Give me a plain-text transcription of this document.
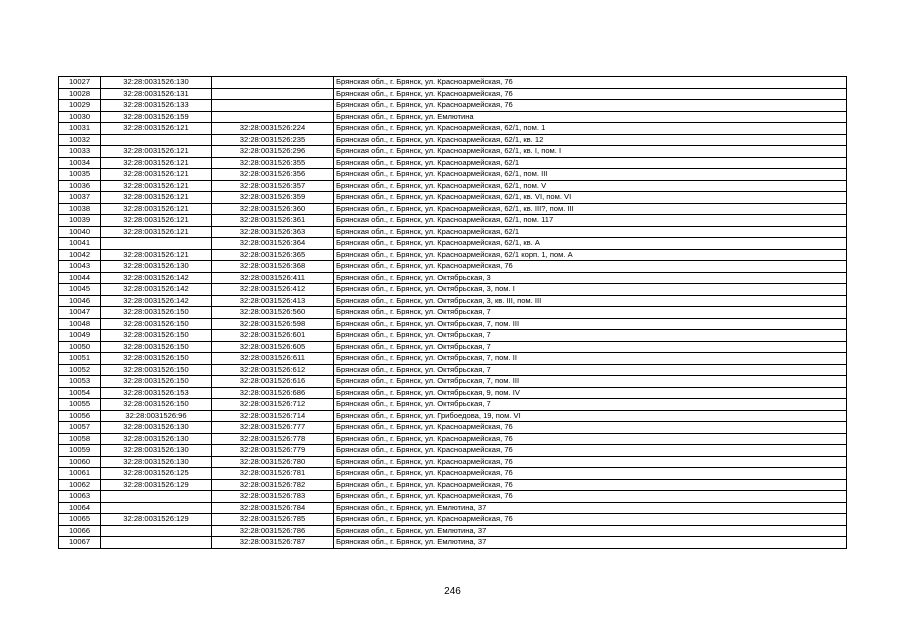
10027	32:28:0031526:130		Брянская обл., г. Брянск, ул. Красноармейская, 76
10028	32:28:0031526:131		Брянская обл., г. Брянск, ул. Красноармейская, 76
10029	32:28:0031526:133		Брянская обл., г. Брянск, ул. Красноармейская, 76
10030	32:28:0031526:159		Брянская обл., г. Брянск, ул. Емлютина
10031	32:28:0031526:121	32:28:0031526:224	Брянская обл., г. Брянск, ул. Красноармейская, 62/1, пом. 1
10032		32:28:0031526:235	Брянская обл., г. Брянск, ул. Красноармейская, 62/1, кв. 12
10033	32:28:0031526:121	32:28:0031526:296	Брянская обл., г. Брянск, ул. Красноармейская, 62/1, кв. I, пом. I
10034	32:28:0031526:121	32:28:0031526:355	Брянская обл., г. Брянск, ул. Красноармейская, 62/1
10035	32:28:0031526:121	32:28:0031526:356	Брянская обл., г. Брянск, ул. Красноармейская, 62/1, пом. III
10036	32:28:0031526:121	32:28:0031526:357	Брянская обл., г. Брянск, ул. Красноармейская, 62/1, пом. V
10037	32:28:0031526:121	32:28:0031526:359	Брянская обл., г. Брянск, ул. Красноармейская, 62/1, кв. VI, пом. VI
10038	32:28:0031526:121	32:28:0031526:360	Брянская обл., г. Брянск, ул. Красноармейская, 62/1, кв. III?, пом. III
10039	32:28:0031526:121	32:28:0031526:361	Брянская обл., г. Брянск, ул. Красноармейская, 62/1, пом. 117
10040	32:28:0031526:121	32:28:0031526:363	Брянская обл., г. Брянск, ул. Красноармейская, 62/1
10041		32:28:0031526:364	Брянская обл., г. Брянск, ул. Красноармейская, 62/1, кв. А
10042	32:28:0031526:121	32:28:0031526:365	Брянская обл., г. Брянск, ул. Красноармейская, 62/1 корп. 1, пом. А
10043	32:28:0031526:130	32:28:0031526:368	Брянская обл., г. Брянск, ул. Красноармейская, 76
10044	32:28:0031526:142	32:28:0031526:411	Брянская обл., г. Брянск, ул. Октябрьская, 3
10045	32:28:0031526:142	32:28:0031526:412	Брянская обл., г. Брянск, ул. Октябрьская, 3, пом. I
10046	32:28:0031526:142	32:28:0031526:413	Брянская обл., г. Брянск, ул. Октябрьская, 3, кв. III, пом. III
10047	32:28:0031526:150	32:28:0031526:560	Брянская обл., г. Брянск, ул. Октябрьская, 7
10048	32:28:0031526:150	32:28:0031526:598	Брянская обл., г. Брянск, ул. Октябрьская, 7, пом. III
10049	32:28:0031526:150	32:28:0031526:601	Брянская обл., г. Брянск, ул. Октябрьская, 7
10050	32:28:0031526:150	32:28:0031526:605	Брянская обл., г. Брянск, ул. Октябрьская, 7
10051	32:28:0031526:150	32:28:0031526:611	Брянская обл., г. Брянск, ул. Октябрьская, 7, пом. II
10052	32:28:0031526:150	32:28:0031526:612	Брянская обл., г. Брянск, ул. Октябрьская, 7
10053	32:28:0031526:150	32:28:0031526:616	Брянская обл., г. Брянск, ул. Октябрьская, 7, пом. III
10054	32:28:0031526:153	32:28:0031526:686	Брянская обл., г. Брянск, ул. Октябрьская, 9, пом. IV
10055	32:28:0031526:150	32:28:0031526:712	Брянская обл., г. Брянск, ул. Октябрьская, 7
10056	32:28:0031526:96	32:28:0031526:714	Брянская обл., г. Брянск, ул. Грибоедова, 19, пом. VI
10057	32:28:0031526:130	32:28:0031526:777	Брянская обл., г. Брянск, ул. Красноармейская, 76
10058	32:28:0031526:130	32:28:0031526:778	Брянская обл., г. Брянск, ул. Красноармейская, 76
10059	32:28:0031526:130	32:28:0031526:779	Брянская обл., г. Брянск, ул. Красноармейская, 76
10060	32:28:0031526:130	32:28:0031526:780	Брянская обл., г. Брянск, ул. Красноармейская, 76
10061	32:28:0031526:125	32:28:0031526:781	Брянская обл., г. Брянск, ул. Красноармейская, 76
10062	32:28:0031526:129	32:28:0031526:782	Брянская обл., г. Брянск, ул. Красноармейская, 76
10063		32:28:0031526:783	Брянская обл., г. Брянск, ул. Красноармейская, 76
10064		32:28:0031526:784	Брянская обл., г. Брянск, ул. Емлютина, 37
10065	32:28:0031526:129	32:28:0031526:785	Брянская обл., г. Брянск, ул. Красноармейская, 76
10066		32:28:0031526:786	Брянская обл., г. Брянск, ул. Емлютина, 37
10067		32:28:0031526:787	Брянская обл., г. Брянск, ул. Емлютина, 37
246
